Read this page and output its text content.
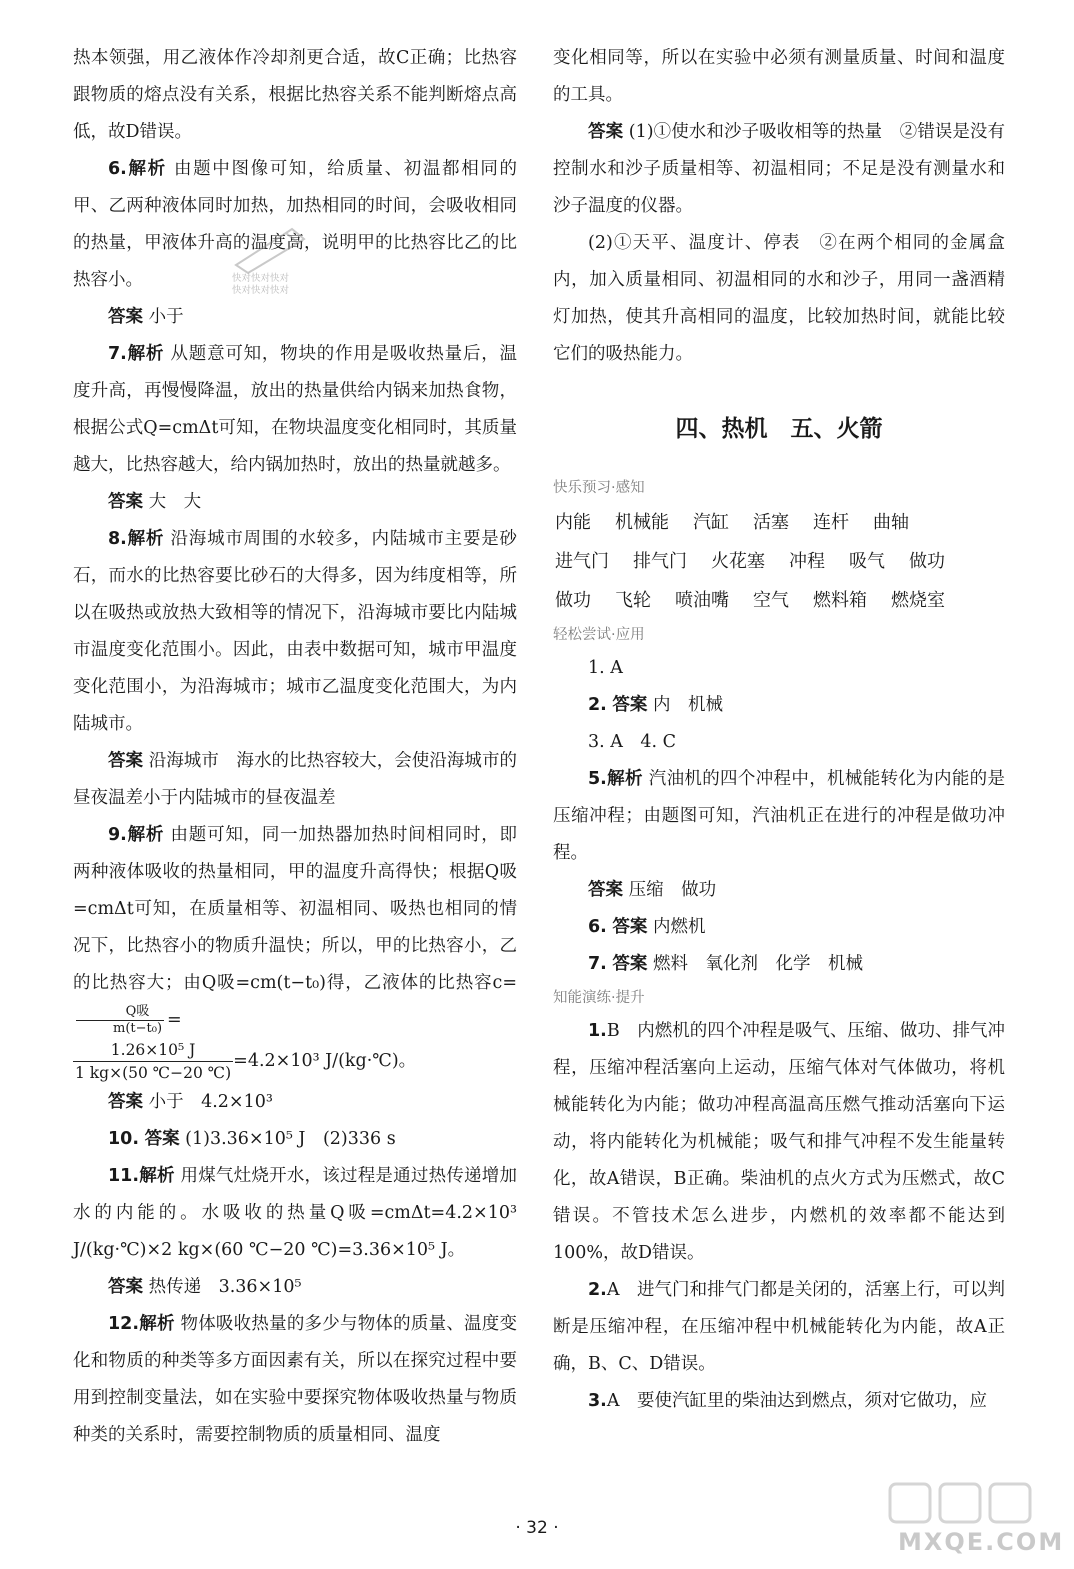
热本领强，用乙液体作冷却剂更合适，故C正确；比热容跟物质的熔点没有关系，根据比热容关系不能判断熔点高低，故D错误。

6.解析 由题中图像可知，给质量、初温都相同的甲、乙两种液体同时加热，加热相同的时间，会吸收相同的热量，甲液体升高的温度高，说明甲的比热容比乙的比热容小。

答案 小于

7.解析 从题意可知，物块的作用是吸收热量后，温度升高，再慢慢降温，放出的热量供给内锅来加热食物，根据公式Q=cmΔt可知，在物块温度变化相同时，其质量越大，比热容越大，给内锅加热时，放出的热量就越多。

答案 大　大

8.解析 沿海城市周围的水较多，内陆城市主要是砂石，而水的比热容要比砂石的大得多，因为纬度相等，所以在吸热或放热大致相等的情况下，沿海城市要比内陆城市温度变化范围小。因此，由表中数据可知，城市甲温度变化范围小，为沿海城市；城市乙温度变化范围大，为内陆城市。

答案 沿海城市　海水的比热容较大，会使沿海城市的昼夜温差小于内陆城市的昼夜温差

9.解析 由题可知，同一加热器加热时间相同时，即两种液体吸收的热量相同，甲的温度升高得快；根据Q吸=cmΔt可知，在质量相等、初温相同、吸热也相同的情况下，比热容小的物质升温快；所以，甲的比热容小，乙的比热容大；由Q吸=cm(t−t₀)得，乙液体的比热容c=
$\frac{\text{Q吸}}{\text{m(t−t₀)}}$ =

$\frac{\text{1.26×10⁵ J}}{1 kg\times(50 ℃-20 ℃)} =4.2\times 10^3$ J/(kg·℃)。

答案 小于　4.2×10³

10. 答案 (1)3.36×10⁵ J　(2)336 s

11.解析 用煤气灶烧开水，该过程是通过热传递增加水的内能的。水吸收的热量Q吸=cmΔt=4.2×10³ J/(kg·℃)×2 kg×(60 ℃−20 ℃)=3.36×10⁵ J。

答案 热传递　3.36×10⁵

12.解析 物体吸收热量的多少与物体的质量、温度变化和物质的种类等多方面因素有关，所以在探究过程中要用到控制变量法，如在实验中要探究物体吸收热量与物质种类的关系时，需要控制物质的质量相同、温度

变化相同等，所以在实验中必须有测量质量、时间和温度的工具。

答案 (1)①使水和沙子吸收相等的热量　②错误是没有控制水和沙子质量相等、初温相同；不足是没有测量水和沙子温度的仪器。

(2)①天平、温度计、停表　②在两个相同的金属盒内，加入质量相同、初温相同的水和沙子，用同一盏酒精灯加热，使其升高相同的温度，比较加热时间，就能比较它们的吸热能力。

四、热机　五、火箭
快乐预习·感知
内能 机械能 汽缸 活塞 连杆 曲轴进气门 排气门 火花塞 冲程 吸气 做功做功 飞轮 喷油嘴 空气 燃料箱 燃烧室
轻松尝试·应用

1. A

2. 答案 内　机械

3. A　4. C

5.解析 汽油机的四个冲程中，机械能转化为内能的是压缩冲程；由题图可知，汽油机正在进行的冲程是做功冲程。

答案 压缩　做功

6. 答案 内燃机

7. 答案 燃料　氧化剂　化学　机械

知能演练·提升

1.B　内燃机的四个冲程是吸气、压缩、做功、排气冲程，压缩冲程活塞向上运动，压缩气体对气体做功，将机械能转化为内能；做功冲程高温高压燃气推动活塞向下运动，将内能转化为机械能；吸气和排气冲程不发生能量转化，故A错误，B正确。柴油机的点火方式为压燃式，故C错误。不管技术怎么进步，内燃机的效率都不能达到100%，故D错误。

2.A　进气门和排气门都是关闭的，活塞上行，可以判断是压缩冲程，在压缩冲程中机械能转化为内能，故A正确，B、C、D错误。

3.A　要使汽缸里的柴油达到燃点，须对它做功，应

快对快对快对
快对快对快对
MXQE.COM
· 32 ·
